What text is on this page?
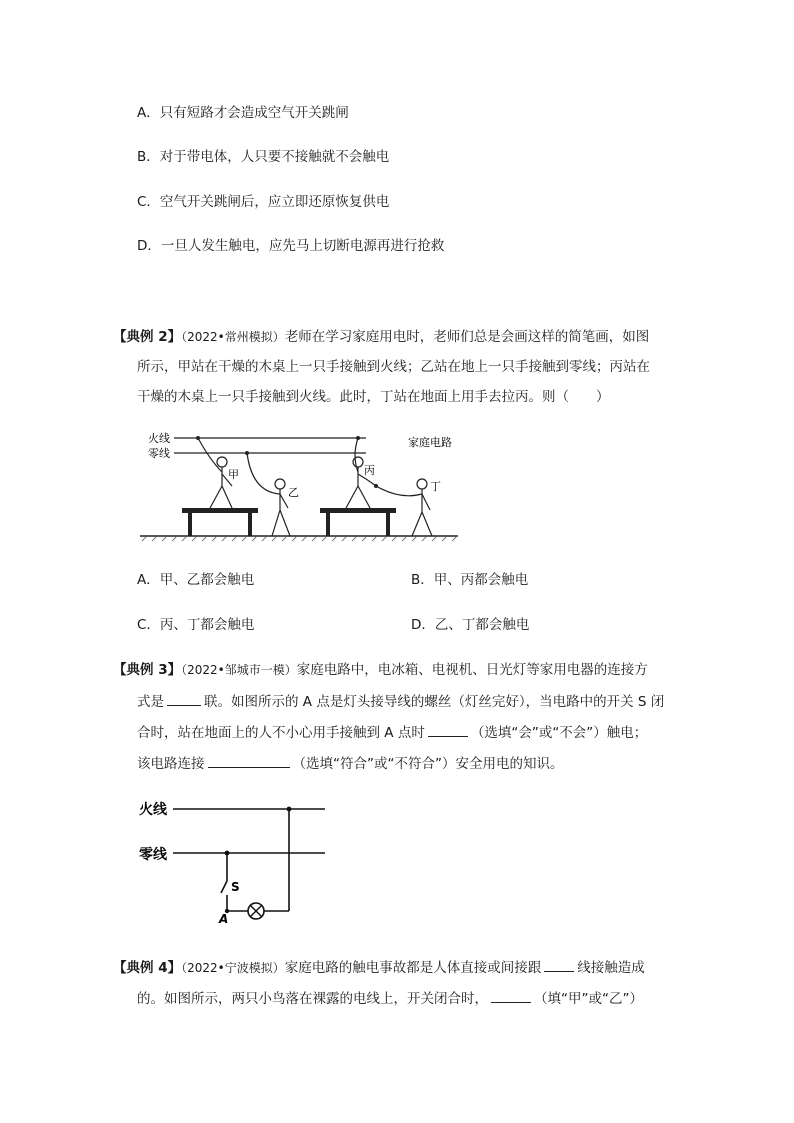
A．只有短路才会造成空气开关跳闸
B．对于带电体，人只要不接触就不会触电
C．空气开关跳闸后，应立即还原恢复供电
D．一旦人发生触电，应先马上切断电源再进行抢救
【典例 2】（2022•常州模拟）老师在学习家庭用电时，老师们总是会画这样的简笔画，如图
所示，甲站在干燥的木桌上一只手接触到火线；乙站在地上一只手接触到零线；丙站在
干燥的木桌上一只手接触到火线。此时，丁站在地面上用手去拉丙。则（　　）
火线
零线
家庭电路
甲
乙
丙
丁
A．甲、乙都会触电	B．甲、丙都会触电
C．丙、丁都会触电	D．乙、丁都会触电
【典例 3】（2022•邹城市一模）家庭电路中，电冰箱、电视机、日光灯等家用电器的连接方
式是	联。如图所示的 A 点是灯头接导线的螺丝（灯丝完好），当电路中的开关 S 闭
合时，站在地面上的人不小心用手接触到 A 点时	（选填“会”或“不会”）触电；
该电路连接	（选填“符合”或“不符合”）安全用电的知识。
火线
零线
S
A
【典例 4】（2022•宁波模拟）家庭电路的触电事故都是人体直接或间接跟	线接触造成
的。如图所示，两只小鸟落在裸露的电线上，开关闭合时，	（填“甲”或“乙”）
